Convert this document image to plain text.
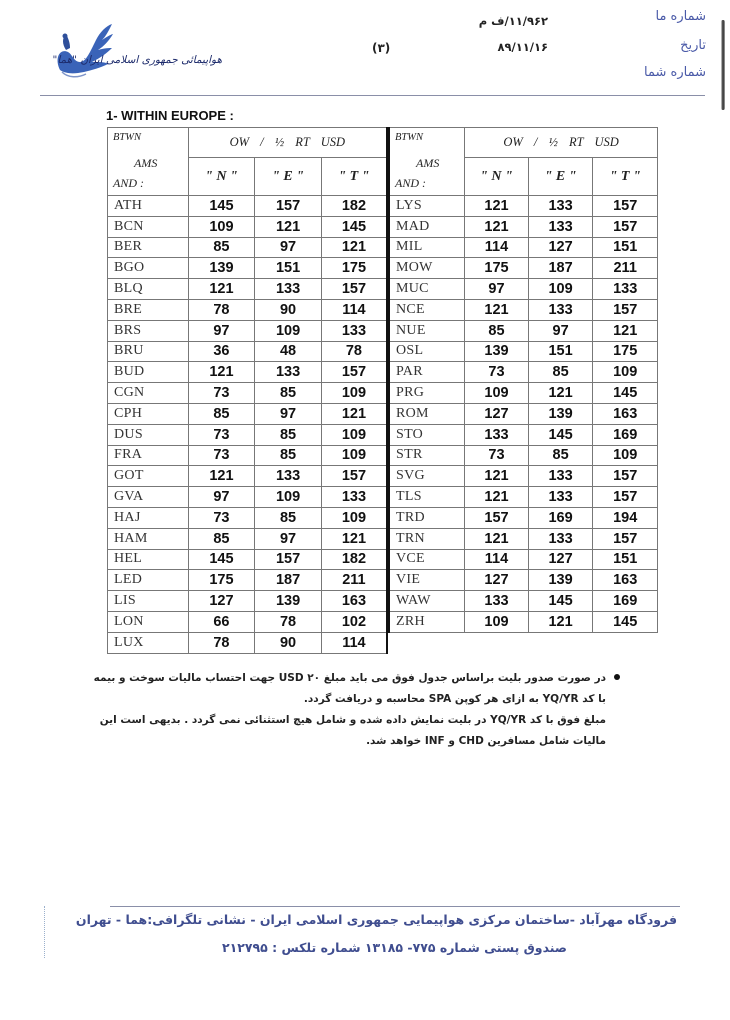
هواپیمائی جمهوری اسلامی ایران "هما"
شماره ما
تاریخ
شماره شما
۱۱/۹۶۲/ف م
۸۹/۱۱/۱۶
(۳)
1- WITHIN EUROPE :
BTWN
AMS
AND :	OW / ½ RT USD		
	" N "	" E "	" T "
ATH	145	157	182
BCN	109	121	145
BER	85	97	121
BGO	139	151	175
BLQ	121	133	157
BRE	78	90	114
BRS	97	109	133
BRU	36	48	78
BUD	121	133	157
CGN	73	85	109
CPH	85	97	121
DUS	73	85	109
FRA	73	85	109
GOT	121	133	157
GVA	97	109	133
HAJ	73	85	109
HAM	85	97	121
HEL	145	157	182
LED	175	187	211
LIS	127	139	163
LON	66	78	102
LUX	78	90	114
BTWN
AMS
AND :	OW / ½ RT USD		
	" N "	" E "	" T "
LYS	121	133	157
MAD	121	133	157
MIL	114	127	151
MOW	175	187	211
MUC	97	109	133
NCE	121	133	157
NUE	85	97	121
OSL	139	151	175
PAR	73	85	109
PRG	109	121	145
ROM	127	139	163
STO	133	145	169
STR	73	85	109
SVG	121	133	157
TLS	121	133	157
TRD	157	169	194
TRN	121	133	157
VCE	114	127	151
VIE	127	139	163
WAW	133	145	169
ZRH	109	121	145
در صورت صدور بلیت براساس جدول فوق می باید مبلغ ۲۰ USD جهت احتساب مالیات سوخت و بیمه
با کد YQ/YR به ازای هر کوپن SPA محاسبه و دریافت گردد.
مبلغ فوق با کد YQ/YR در بلیت نمایش داده شده و شامل هیچ استثنائی نمی گردد . بدیهی است این
مالیات شامل مسافرین CHD و INF خواهد شد.
فرودگاه مهرآباد -ساختمان مرکزی هواپیمایی جمهوری اسلامی ایران - نشانی تلگرافی:هما - تهران
صندوق پستی شماره ۷۷۵- ۱۳۱۸۵ شماره تلکس : ۲۱۲۷۹۵
